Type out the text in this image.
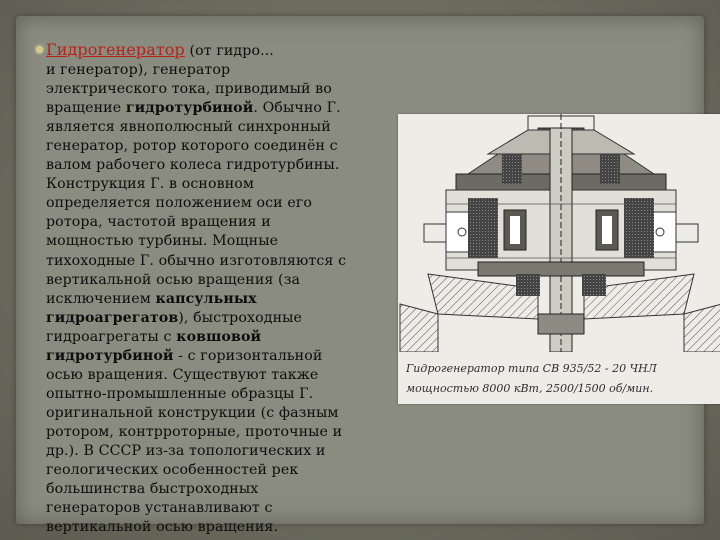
Гидрогенератор (от гидро...
и генератор), генератор
электрического тока, приводимый во
вращение гидротурбиной. Обычно Г.
является явнополюсный синхронный
генератор, ротор которого соединён с
валом рабочего колеса гидротурбины.
Конструкция Г. в основном
определяется положением оси его
ротора, частотой вращения и
мощностью турбины. Мощные
тихоходные Г. обычно изготовляются с
вертикальной осью вращения (за
исключением капсульных
гидроагрегатов), быстроходные
гидроагрегаты с ковшовой
гидротурбиной - с горизонтальной
осью вращения. Существуют также
опытно-промышленные образцы Г.
оригинальной конструкции (с фазным
ротором, контрроторные, проточные и
др.). В СССР из-за топологических и
геологических особенностей рек
большинства быстроходных
генераторов устанавливают с
вертикальной осью вращения.
Гидрогенератор типа СВ 935/52 - 20 ЧНЛ
мощностью 8000 кВт, 2500/1500 об/мин.
